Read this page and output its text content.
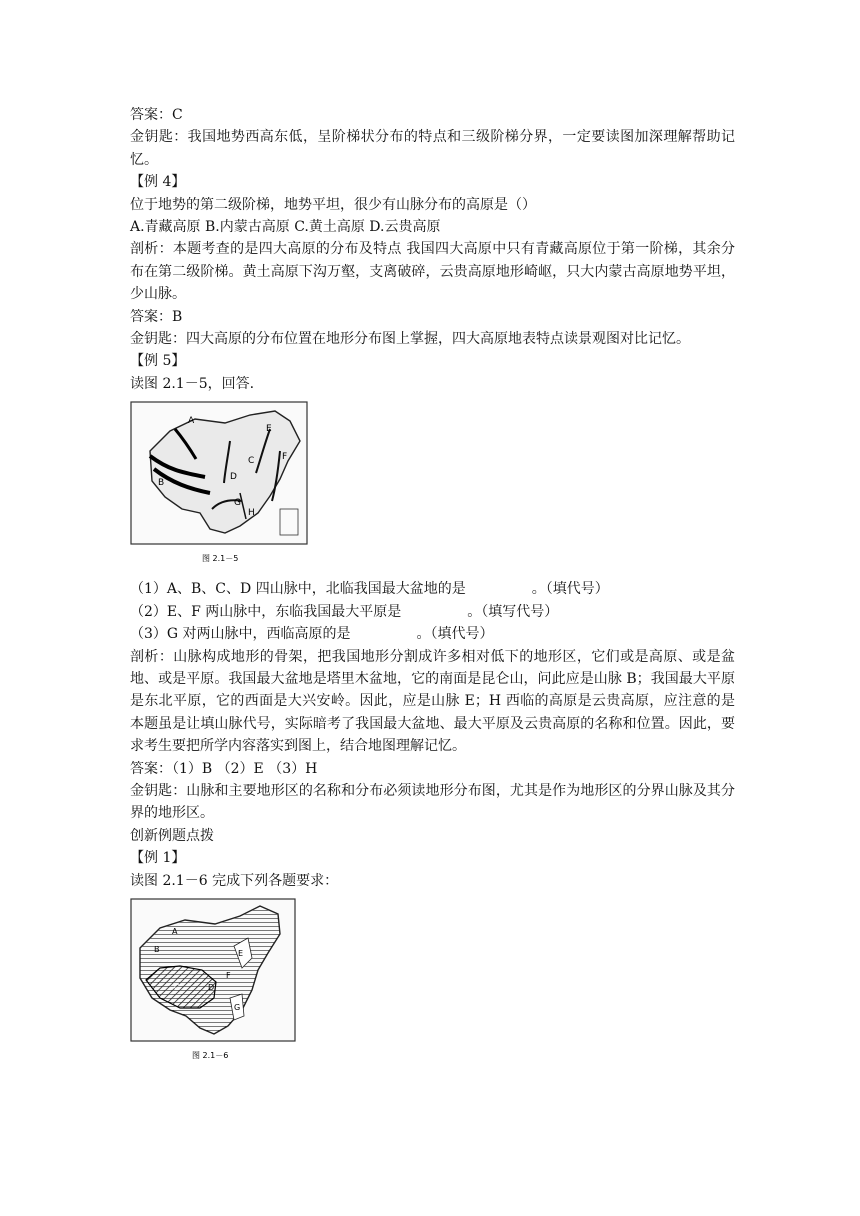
答案：C

金钥匙：我国地势西高东低，呈阶梯状分布的特点和三级阶梯分界，一定要读图加深理解帮助记忆。

【例 4】

位于地势的第二级阶梯，地势平坦，很少有山脉分布的高原是（）

A.青藏高原 B.内蒙古高原 C.黄土高原 D.云贵高原

剖析：本题考查的是四大高原的分布及特点 我国四大高原中只有青藏高原位于第一阶梯，其余分布在第二级阶梯。黄土高原下沟万壑，支离破碎，云贵高原地形崎岖，只大内蒙古高原地势平坦，少山脉。

答案：B

金钥匙：四大高原的分布位置在地形分布图上掌握，四大高原地表特点读景观图对比记忆。

【例 5】

读图 2.1－5，回答.

A
B
C
D
E
F
G
H
图 2.1－5

（1）A、B、C、D 四山脉中，北临我国最大盆地的是	。（填代号）

（2）E、F 两山脉中，东临我国最大平原是	。（填写代号）

（3）G 对两山脉中，西临高原的是	。（填代号）

剖析：山脉构成地形的骨架，把我国地形分割成许多相对低下的地形区，它们或是高原、或是盆地、或是平原。我国最大盆地是塔里木盆地，它的南面是昆仑山，问此应是山脉 B；我国最大平原是东北平原，它的西面是大兴安岭。因此，应是山脉 E；H 西临的高原是云贵高原，应注意的是本题虽是让填山脉代号，实际暗考了我国最大盆地、最大平原及云贵高原的名称和位置。因此，要求考生要把所学内容落实到图上，结合地图理解记忆。

答案：（1）B （2）E （3）H

金钥匙：山脉和主要地形区的名称和分布必须读地形分布图，尤其是作为地形区的分界山脉及其分界的地形区。

创新例题点拨

【例 1】

读图 2.1－6 完成下列各题要求：

A
B
C	D
E
F
G
图 2.1－6
